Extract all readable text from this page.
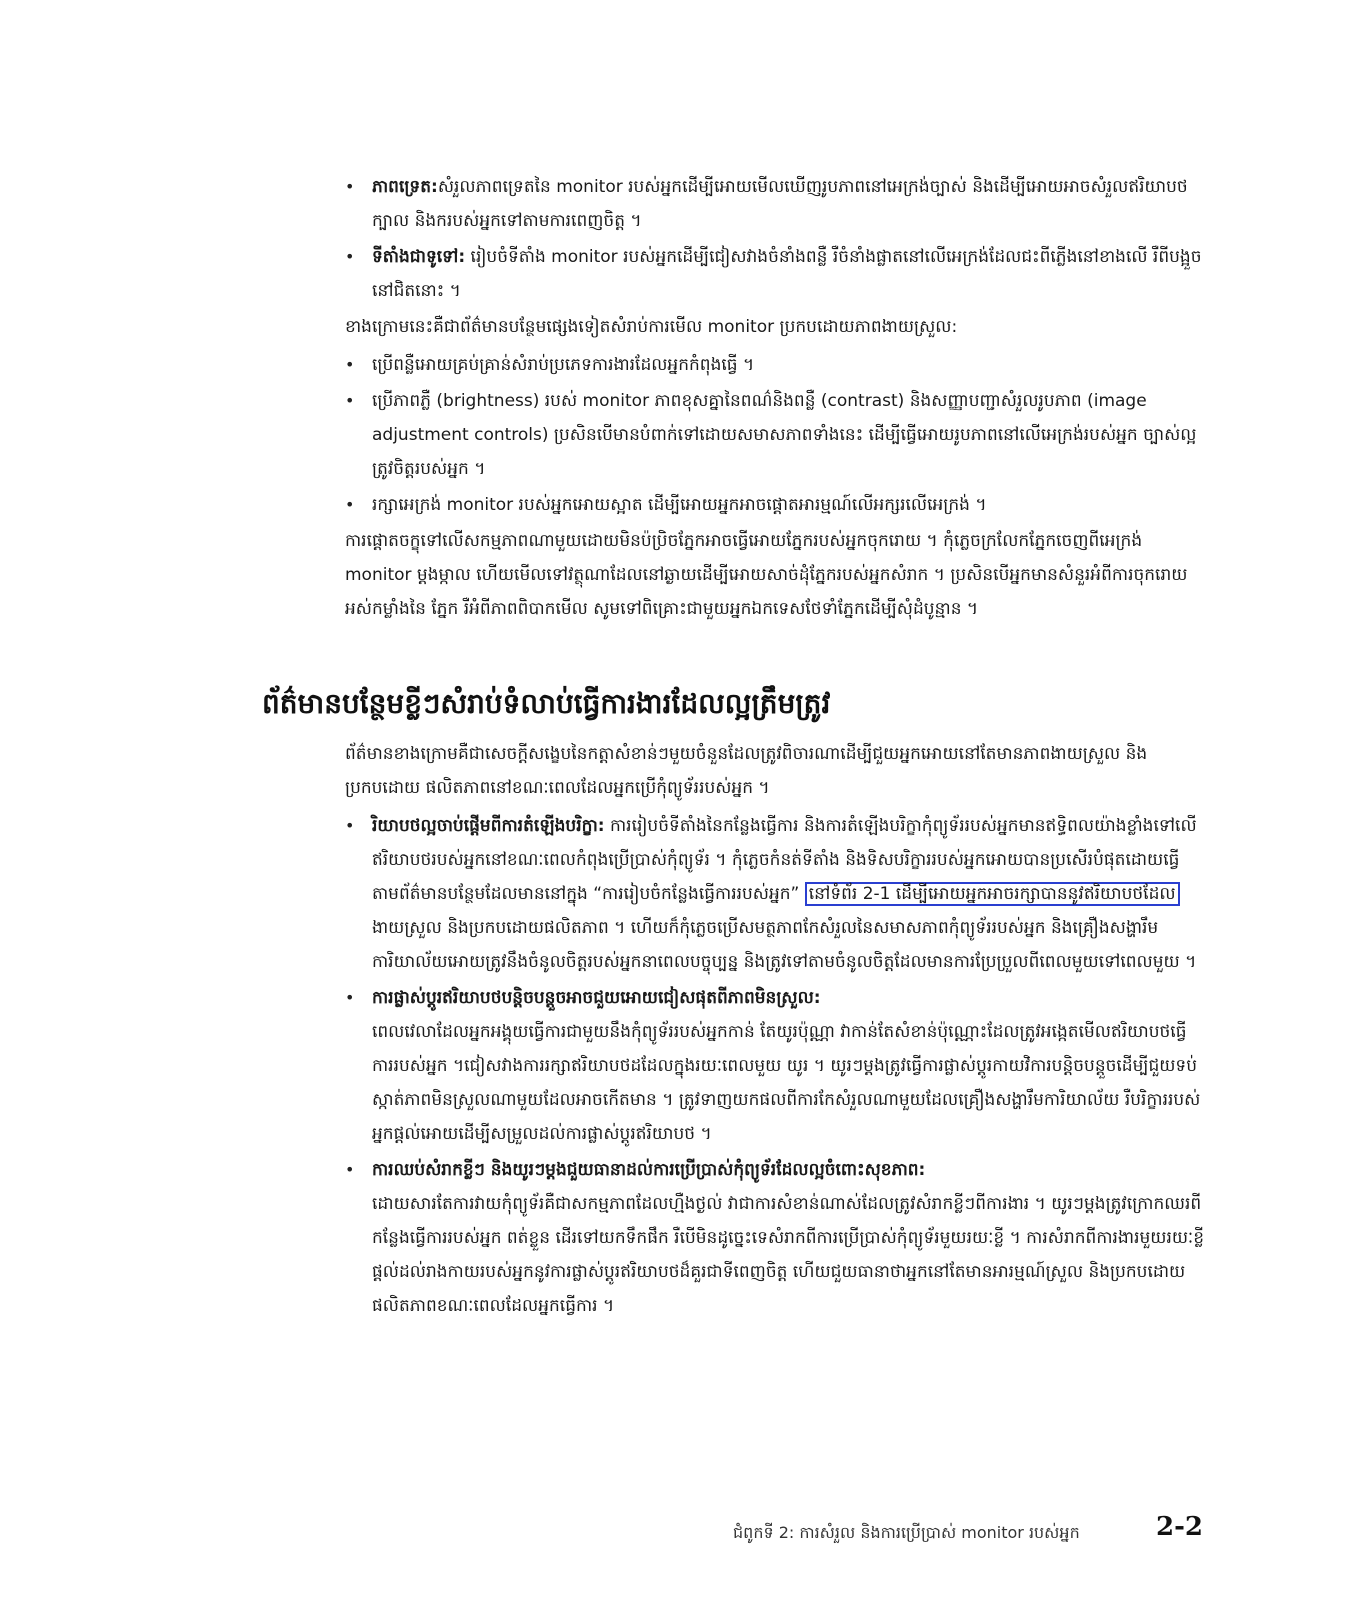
• ភាពទ្រេត:សំរួលភាពទ្រេតនៃ monitor របស់អ្នកដើម្បីអោយមើលឃើញរូបភាពនៅអេក្រង់ច្បាស់ និងដើម្បីអោយអាចសំរួលឥរិយាបថ ក្បាល និងករបស់អ្នកទៅតាមការពេញចិត្ត ។
• ទីតាំងជាទូទៅ: រៀបចំទីតាំង monitor របស់អ្នកដើម្បីជៀសវាងចំនាំងពន្លឺ រឺចំនាំងផ្លាតនៅលើអេក្រង់ដែលជះពីភ្លើងនៅខាងលើ រឺពីបង្អួច នៅជិតនោះ ។

ខាងក្រោមនេះគឺជាព័ត៌មានបន្ថែមផ្សេងទៀតសំរាប់ការមើល monitor ប្រកបដោយភាពងាយស្រួល:

• ប្រើពន្លឺអោយគ្រប់គ្រាន់សំរាប់ប្រភេទការងារដែលអ្នកកំពុងធ្វើ ។
• ប្រើភាពភ្លឺ (brightness) របស់ monitor ភាពខុសគ្នានៃពណ៌និងពន្លឺ (contrast) និងសញ្ញាបញ្ជាសំរួលរូបភាព (image adjustment controls) ប្រសិនបើមានបំពាក់ទៅដោយសមាសភាពទាំងនេះ ដើម្បីធ្វើអោយរូបភាពនៅលើអេក្រង់របស់អ្នក ច្បាស់ល្អត្រូវចិត្តរបស់អ្នក ។
• រក្សាអេក្រង់ monitor របស់អ្នកអោយស្អាត ដើម្បីអោយអ្នកអាចផ្តោតអារម្មណ៍លើអក្សរលើអេក្រង់ ។

ការផ្តោតចក្ខុទៅលើសកម្មភាពណាមួយដោយមិនប៉ប្រិចភ្នែកអាចធ្វើអោយភ្នែករបស់អ្នកចុករោយ ។ កុំភ្លេចក្រលែកភ្នែកចេញពីអេក្រង់ monitor ម្តងម្កាល ហើយមើលទៅវត្ថុណាដែលនៅឆ្ងាយដើម្បីអោយសាច់ដុំភ្នែករបស់អ្នកសំរាក ។ ប្រសិនបើអ្នកមានសំនួរអំពីការចុករោយអស់កម្លាំងនៃ ភ្នែក រឺអំពីភាពពិបាកមើល សូមទៅពិគ្រោះជាមួយអ្នកឯកទេសថែទាំភ្នែកដើម្បីសុំដំបូន្មាន ។

ព័ត៌មានបន្ថែមខ្លីៗសំរាប់ទំលាប់ធ្វើការងារដែលល្អត្រឹមត្រូវ

ព័ត៌មានខាងក្រោមគឺជាសេចក្តីសង្ខេបនៃកត្តាសំខាន់ៗមួយចំនួនដែលត្រូវពិចារណាដើម្បីជួយអ្នកអោយនៅតែមានភាពងាយស្រួល និងប្រកបដោយ ផលិតភាពនៅខណៈពេលដែលអ្នកប្រើកុំព្យូទ័ររបស់អ្នក ។

• រិយាបថល្អចាប់ផ្តើមពីការតំឡើងបរិក្ខា: ការរៀបចំទីតាំងនៃកន្លែងធ្វើការ និងការតំឡើងបរិក្ខាកុំព្យូទ័ររបស់អ្នកមានឥទ្ធិពលយ៉ាងខ្លាំងទៅលើឥរិយាបថរបស់អ្នកនៅខណៈពេលកំពុងប្រើប្រាស់កុំព្យូទ័រ ។ កុំភ្លេចកំនត់ទីតាំង និងទិសបរិក្ខាររបស់អ្នកអោយបានប្រសើរបំផុតដោយធ្វើតាមព័ត៌មានបន្ថែមដែលមាននៅក្នុង “ការរៀបចំកន្លែងធ្វើការរបស់អ្នក” នៅទំព័រ 2-1 ដើម្បីអោយអ្នកអាចរក្សាបាននូវឥរិយាបថដែល ងាយស្រួល និងប្រកបដោយផលិតភាព ។ ហើយក៏កុំភ្លេចប្រើសមត្ថភាពកែសំរួលនៃសមាសភាពកុំព្យូទ័ររបស់អ្នក និងគ្រឿងសង្ហារឹមការិយាល័យអោយត្រូវនឹងចំនូលចិត្តរបស់អ្នកនាពេលបច្ចុប្បន្ន និងត្រូវទៅតាមចំនូលចិត្តដែលមានការប្រែប្រួលពីពេលមួយទៅពេលមួយ ។
• ការផ្លាស់ប្តូរឥរិយាបថបន្តិចបន្តួចអាចជួយអោយជៀសផុតពីភាពមិនស្រួល:
ពេលវេលាដែលអ្នកអង្គុយធ្វើការជាមួយនឹងកុំព្យូទ័ររបស់អ្នកកាន់ តែយូរប៉ុណ្ណា វាកាន់តែសំខាន់ប៉ុណ្ណោះដែលត្រូវអង្កេតមើលឥរិយាបថធ្វើការរបស់អ្នក ។ជៀសវាងការរក្សាឥរិយាបថដដែលក្នុងរយៈពេលមួយ យូរ ។ យូរៗម្តងត្រូវធ្វើការផ្លាស់ប្តូរកាយវិការបន្តិចបន្តួចដើម្បីជួយទប់ស្កាត់ភាពមិនស្រួលណាមួយដែលអាចកើតមាន ។ ត្រូវទាញយកផលពីការកែសំរួលណាមួយដែលគ្រឿងសង្ហារឹមការិយាល័យ រឺបរិក្ខាររបស់អ្នកផ្តល់អោយដើម្បីសម្រួលដល់ការផ្លាស់ប្តូរឥរិយាបថ ។
• ការឈប់សំរាកខ្លីៗ និងយូរៗម្តងជួយធានាដល់ការប្រើប្រាស់កុំព្យូទ័រដែលល្អចំពោះសុខភាព:
ដោយសារតែការវាយកុំព្យូទ័រគឺជាសកម្មភាពដែលហ្មឺងថ្ងល់ វាជាការសំខាន់ណាស់ដែលត្រូវសំរាកខ្លីៗពីការងារ ។ យូរៗម្តងត្រូវក្រោកឈរពីកន្លែងធ្វើការរបស់អ្នក ពត់ខ្លួន ដើរទៅយកទឹកផឹក រឺបើមិនដូច្នេះទេសំរាកពីការប្រើប្រាស់កុំព្យូទ័រមួយរយៈខ្លី ។ ការសំរាកពីការងារមួយរយៈខ្លីផ្តល់ដល់រាងកាយរបស់អ្នកនូវការផ្លាស់ប្តូរឥរិយាបថដ៏គួរជាទីពេញចិត្ត ហើយជួយធានាថាអ្នកនៅតែមានអារម្មណ៍ស្រួល និងប្រកបដោយផលិតភាពខណៈពេលដែលអ្នកធ្វើការ ។
ជំពូកទី 2: ការសំរួល និងការប្រើប្រាស់ monitor របស់អ្នក	2-2
